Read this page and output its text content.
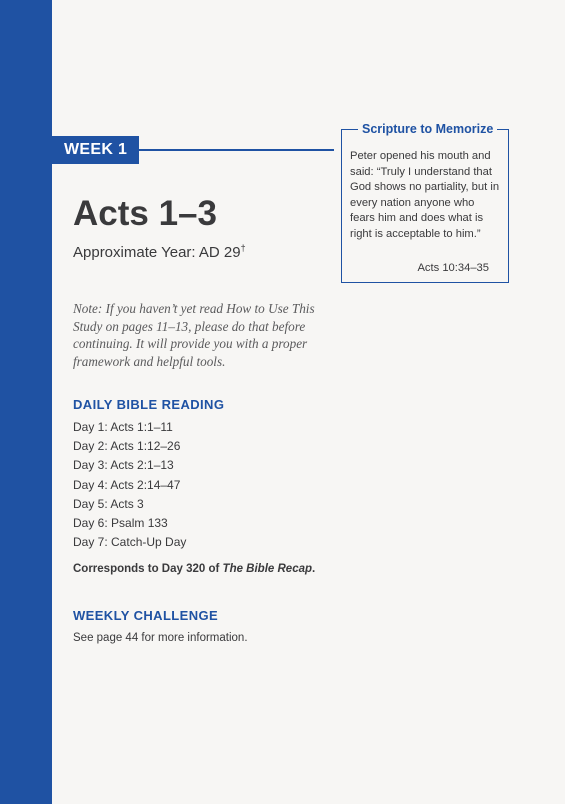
WEEK 1
Acts 1–3
Approximate Year: AD 29†
Note: If you haven’t yet read How to Use This Study on pages 11–13, please do that before continuing. It will provide you with a proper framework and helpful tools.
DAILY BIBLE READING
Day 1: Acts 1:1–11
Day 2: Acts 1:12–26
Day 3: Acts 2:1–13
Day 4: Acts 2:14–47
Day 5: Acts 3
Day 6: Psalm 133
Day 7: Catch-Up Day
Corresponds to Day 320 of The Bible Recap.
WEEKLY CHALLENGE
See page 44 for more information.
Scripture to Memorize
Peter opened his mouth and said: “Truly I understand that God shows no partiality, but in every nation anyone who fears him and does what is right is acceptable to him.”
Acts 10:34–35
